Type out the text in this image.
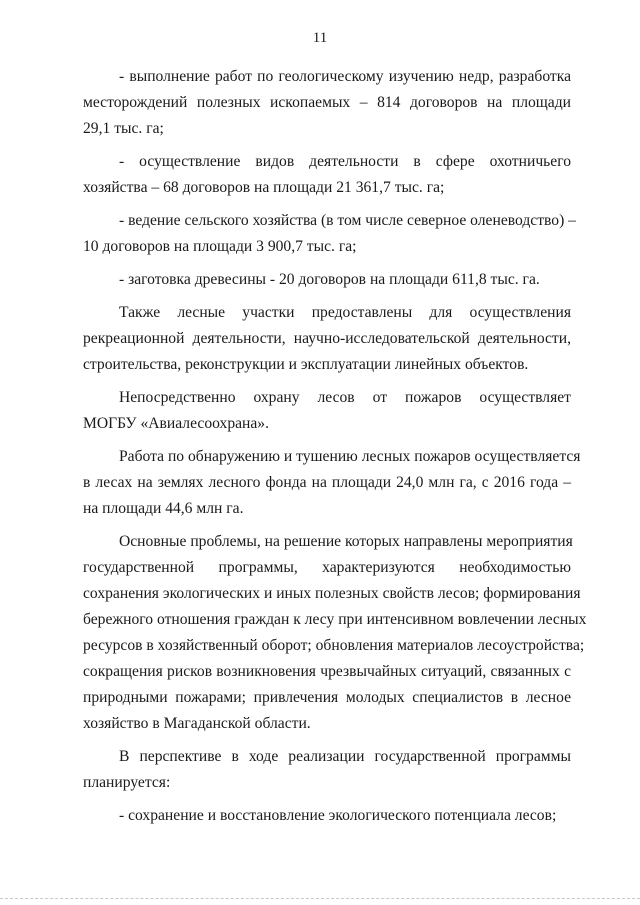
11

- выполнение работ по геологическому изучению недр, разработка
месторождений полезных ископаемых – 814 договоров на площади
29,1 тыс. га;

- осуществление видов деятельности в сфере охотничьего
хозяйства – 68 договоров на площади 21 361,7 тыс. га;

- ведение сельского хозяйства (в том числе северное оленеводство) –
10 договоров на площади 3 900,7 тыс. га;

- заготовка древесины - 20 договоров на площади 611,8 тыс. га.

Также лесные участки предоставлены для осуществления
рекреационной деятельности, научно-исследовательской деятельности,
строительства, реконструкции и эксплуатации линейных объектов.

Непосредственно охрану лесов от пожаров осуществляет
МОГБУ «Авиалесоохрана».

Работа по обнаружению и тушению лесных пожаров осуществляется
в лесах на землях лесного фонда на площади 24,0 млн га, с 2016 года –
на площади 44,6 млн га.

Основные проблемы, на решение которых направлены мероприятия
государственной программы, характеризуются необходимостью
сохранения экологических и иных полезных свойств лесов; формирования
бережного отношения граждан к лесу при интенсивном вовлечении лесных
ресурсов в хозяйственный оборот; обновления материалов лесоустройства;
сокращения рисков возникновения чрезвычайных ситуаций, связанных с
природными пожарами; привлечения молодых специалистов в лесное
хозяйство в Магаданской области.

В перспективе в ходе реализации государственной программы
планируется:

- сохранение и восстановление экологического потенциала лесов;
